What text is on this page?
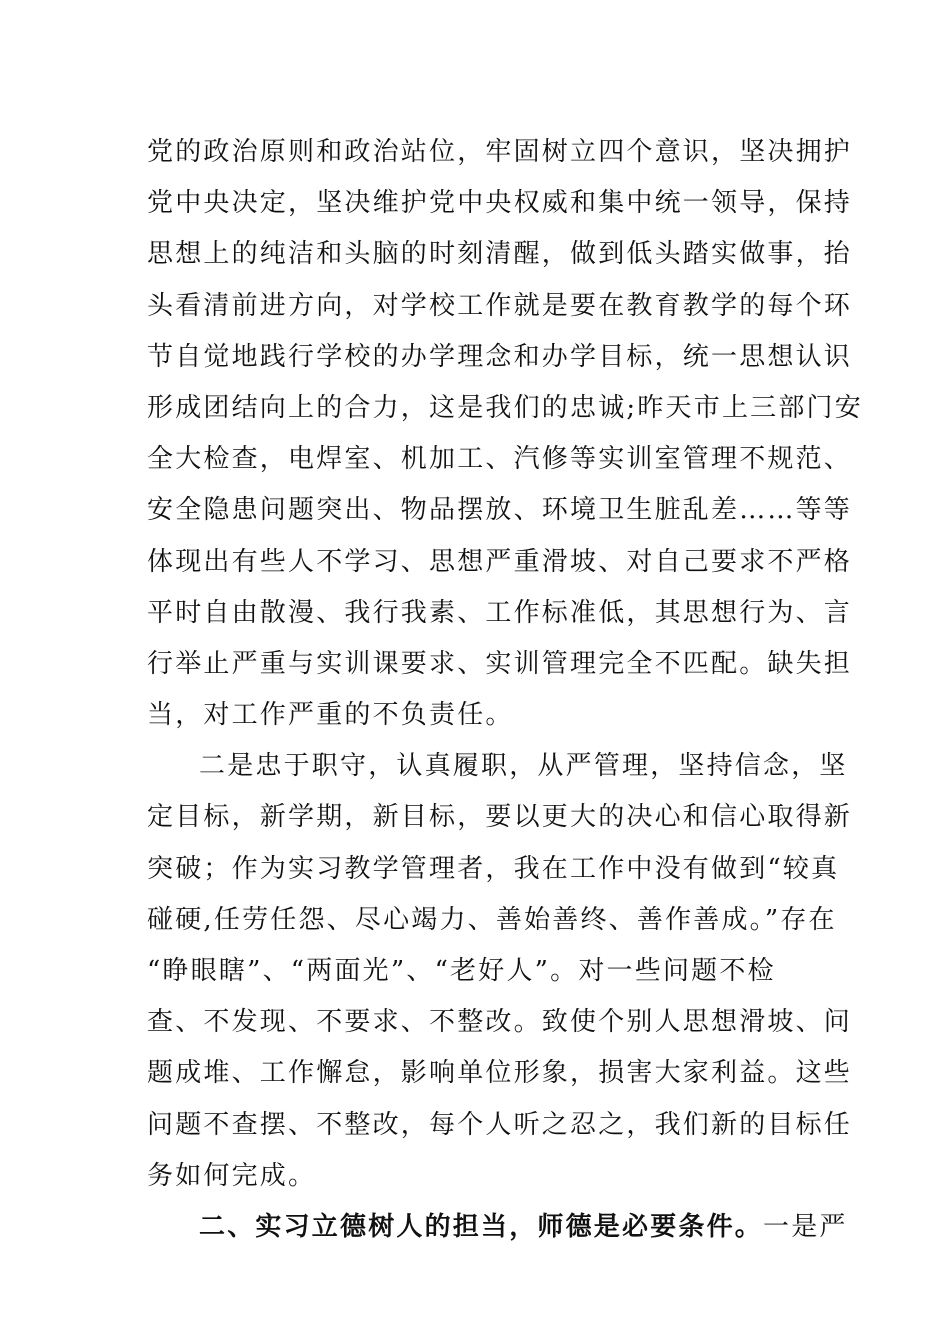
党的政治原则和政治站位，牢固树立四个意识，坚决拥护
党中央决定，坚决维护党中央权威和集中统一领导，保持
思想上的纯洁和头脑的时刻清醒，做到低头踏实做事，抬
头看清前进方向，对学校工作就是要在教育教学的每个环
节自觉地践行学校的办学理念和办学目标，统一思想认识
形成团结向上的合力，这是我们的忠诚;昨天市上三部门安
全大检查，电焊室、机加工、汽修等实训室管理不规范、
安全隐患问题突出、物品摆放、环境卫生脏乱差……等等
体现出有些人不学习、思想严重滑坡、对自己要求不严格
平时自由散漫、我行我素、工作标准低，其思想行为、言
行举止严重与实训课要求、实训管理完全不匹配。缺失担
当，对工作严重的不负责任。
二是忠于职守，认真履职，从严管理，坚持信念，坚
定目标，新学期，新目标，要以更大的决心和信心取得新
突破；作为实习教学管理者，我在工作中没有做到“较真
碰硬,任劳任怨、尽心竭力、善始善终、善作善成。”存在
“睁眼瞎”、“两面光”、“老好人”。对一些问题不检
查、不发现、不要求、不整改。致使个别人思想滑坡、问
题成堆、工作懈怠，影响单位形象，损害大家利益。这些
问题不查摆、不整改，每个人听之忍之，我们新的目标任
务如何完成。
二、实习立德树人的担当，师德是必要条件。一是严
